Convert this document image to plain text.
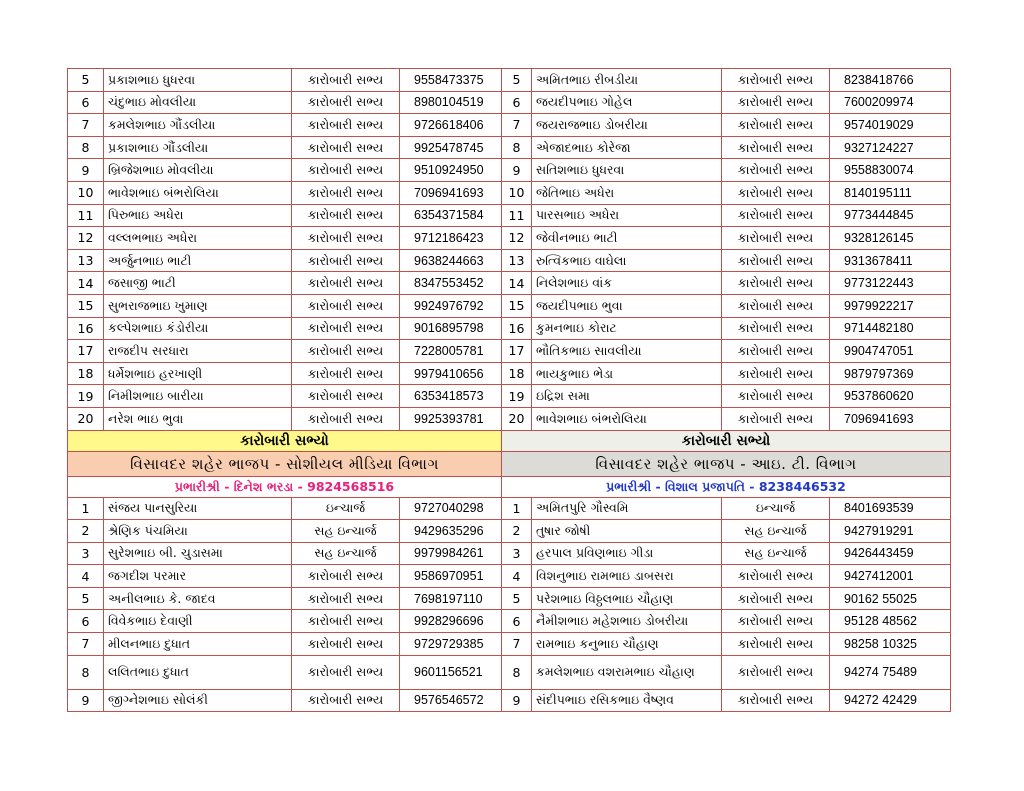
5	પ્રકાશભાઇ ધુધરવા	કારોબારી સભ્ય	9558473375	5	અમિતભાઇ રીબડીયા	કારોબારી સભ્ય	8238418766
6	ચંદુભાઇ મોવલીયા	કારોબારી સભ્ય	8980104519	6	જયદીપભાઇ ગોહેલ	કારોબારી સભ્ય	7600209974
7	કમલેશભાઇ ગૌંડલીયા	કારોબારી સભ્ય	9726618406	7	જયરાજભાઇ ડોબરીયા	કારોબારી સભ્ય	9574019029
8	પ્રકાશભાઇ ગૌંડલીયા	કારોબારી સભ્ય	9925478745	8	એજાદભાઇ કોરેજા	કારોબારી સભ્ય	9327124227
9	બ્રિજેશભાઇ મોવલીયા	કારોબારી સભ્ય	9510924950	9	સતિશભાઇ ધુધરવા	કારોબારી સભ્ય	9558830074
10	ભાવેશભાઇ બંભરોલિયા	કારોબારી સભ્ય	7096941693	10	જેતિભાઇ અધેરા	કારોબારી સભ્ય	8140195111
11	પિરુભાઇ અધેરા	કારોબારી સભ્ય	6354371584	11	પારસભાઇ અધેરા	કારોબારી સભ્ય	9773444845
12	વલ્લભભાઇ અધેરા	કારોબારી સભ્ય	9712186423	12	જેવીનભાઇ ભાટી	કારોબારી સભ્ય	9328126145
13	અર્જુનભાઇ ભાટી	કારોબારી સભ્ય	9638244663	13	રુત્વિકભાઇ વાઘેલા	કારોબારી સભ્ય	9313678411
14	જસાજી ભાટી	કારોબારી સભ્ય	8347553452	14	નિલેશભાઇ વાંક	કારોબારી સભ્ય	9773122443
15	સુભરાજભાઇ ખુમાણ	કારોબારી સભ્ય	9924976792	15	જયદીપભાઇ ભુવા	કારોબારી સભ્ય	9979922217
16	કલ્પેશભાઇ કંડોરીયા	કારોબારી સભ્ય	9016895798	16	કુમનભાઇ કોરાટ	કારોબારી સભ્ય	9714482180
17	રાજદીપ સરધારા	કારોબારી સભ્ય	7228005781	17	ભૌતિકભાઇ સાવલીયા	કારોબારી સભ્ય	9904747051
18	ધર્મેશભાઇ હરખાણી	કારોબારી સભ્ય	9979410656	18	ભાયકુભાઇ ભેડા	કારોબારી સભ્ય	9879797369
19	નિમીશભાઇ બારીયા	કારોબારી સભ્ય	6353418573	19	ઇદ્રિશ સમા	કારોબારી સભ્ય	9537860620
20	નરેશ ભાઇ ભુવા	કારોબારી સભ્ય	9925393781	20	ભાવેશભાઇ બંભરોલિયા	કારોબારી સભ્ય	7096941693
કારોબારી સભ્યો				કારોબારી સભ્યો			
વિસાવદર શહેર ભાજપ - સોશીયલ મીડિયા વિભાગ				વિસાવદર શહેર ભાજપ - આઇ. ટી. વિભાગ			
પ્રભારીશ્રી - દિનેશ ભરડા - 9824568516				પ્રભારીશ્રી - વિશાલ પ્રજાપતિ - 8238446532			
1	સંજય પાનસુરિયા	ઇન્ચાર્જ	9727040298	1	અમિતપુરિ ગૌસ્વમિ	ઇન્ચાર્જ	8401693539
2	શ્રેણિક પંચમિયા	સહ ઇન્ચાર્જ	9429635296	2	તુષાર જોષી	સહ ઇન્ચાર્જ	9427919291
3	સુરેશભાઇ બી. ચુડાસમા	સહ ઇન્ચાર્જ	9979984261	3	હરપાલ પ્રવિણભાઇ ગીડા	સહ ઇન્ચાર્જ	9426443459
4	જગદીશ પરમાર	કારોબારી સભ્ય	9586970951	4	વિશનુભાઇ રામભાઇ ડાબસરા	કારોબારી સભ્ય	9427412001
5	અનીલભાઇ કે. જાદવ	કારોબારી સભ્ય	7698197110	5	પરેશભાઇ વિઠ્ઠલભાઇ ચૌહાણ	કારોબારી સભ્ય	90162 55025
6	વિવેકભાઇ દેવાણી	કારોબારી સભ્ય	9928296696	6	નૈમીશભાઇ મહેશભાઇ ડોબરીયા	કારોબારી સભ્ય	95128 48562
7	મીલનભાઇ દુધાત	કારોબારી સભ્ય	9729729385	7	રામભાઇ કનુભાઇ ચૌહાણ	કારોબારી સભ્ય	98258 10325
8	લલિતભાઇ દુધાત	કારોબારી સભ્ય	9601156521	8	કમલેશભાઇ વશરામભાઇ ચૌહાણ	કારોબારી સભ્ય	94274 75489
9	જીગ્નેશભાઇ સોલંકી	કારોબારી સભ્ય	9576546572	9	સંદીપભાઇ રસિકભાઇ વૈષ્ણવ	કારોબારી સભ્ય	94272 42429
